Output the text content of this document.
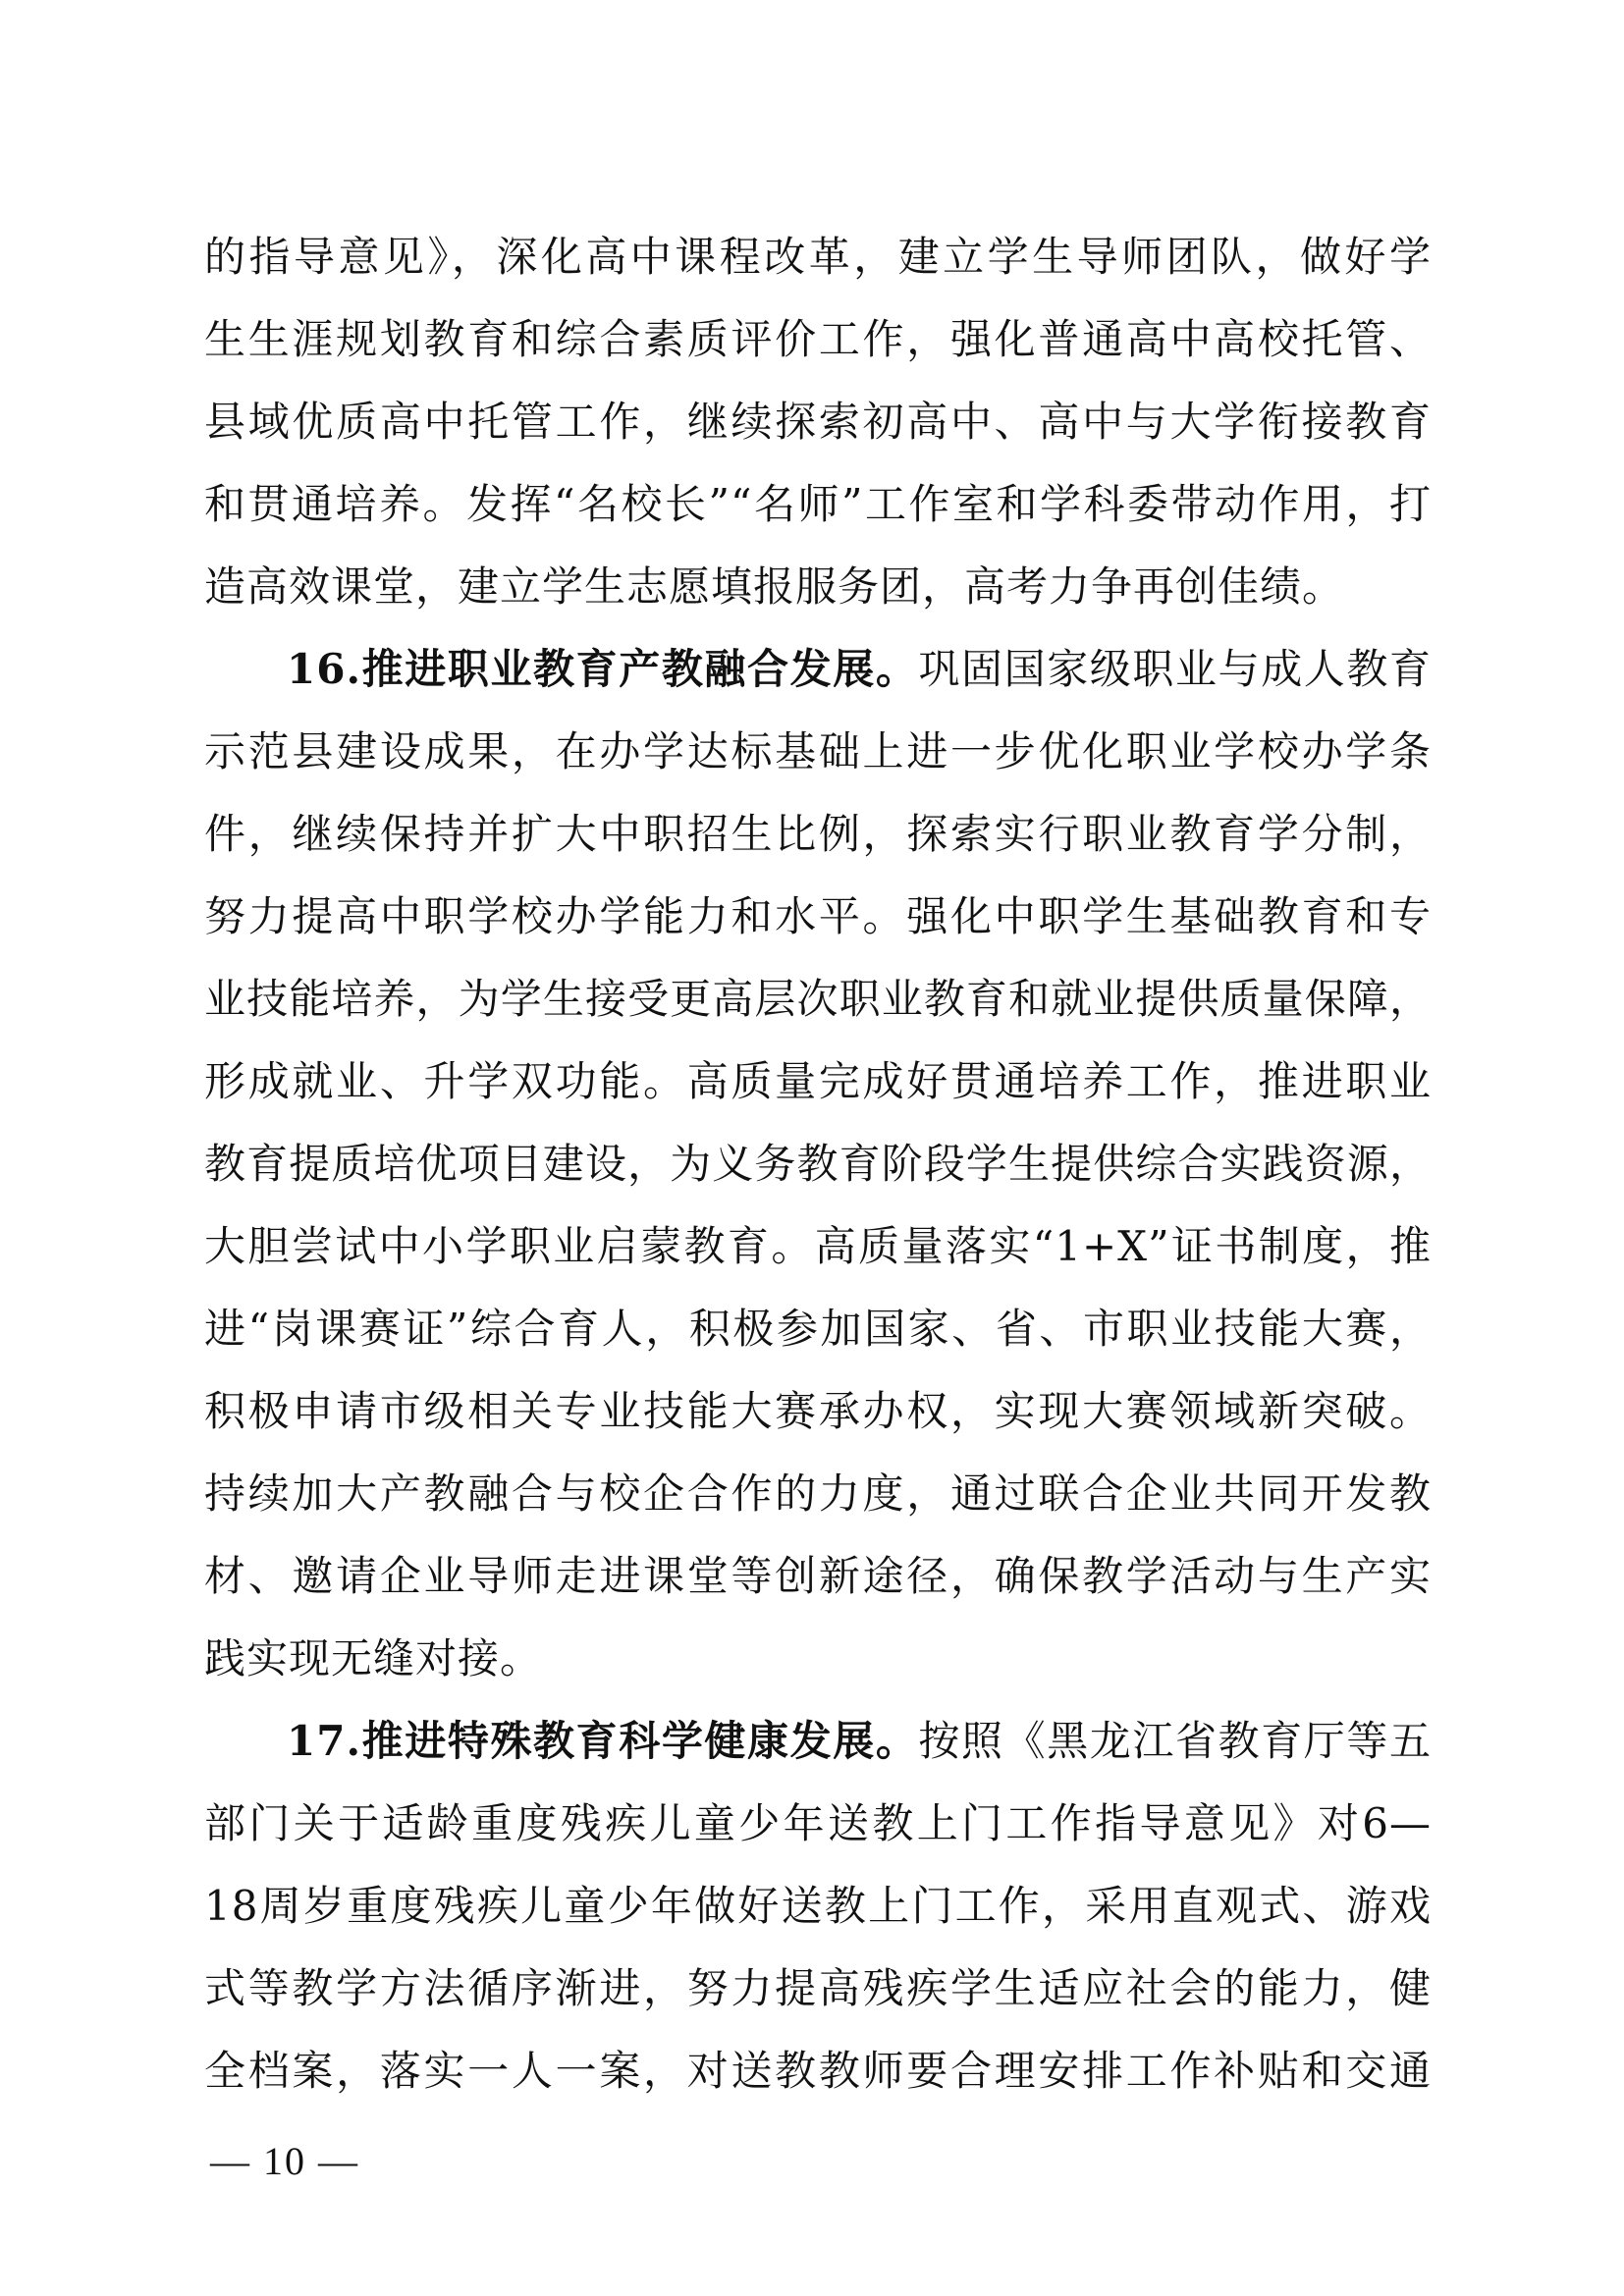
的指导意见》，深化高中课程改革，建立学生导师团队，做好学
生生涯规划教育和综合素质评价工作，强化普通高中高校托管、
县域优质高中托管工作，继续探索初高中、高中与大学衔接教育
和贯通培养。发挥“名校长”“名师”工作室和学科委带动作用，打
造高效课堂，建立学生志愿填报服务团，高考力争再创佳绩。
16.推进职业教育产教融合发展。巩固国家级职业与成人教育
示范县建设成果，在办学达标基础上进一步优化职业学校办学条
件，继续保持并扩大中职招生比例，探索实行职业教育学分制，
努力提高中职学校办学能力和水平。强化中职学生基础教育和专
业技能培养，为学生接受更高层次职业教育和就业提供质量保障，
形成就业、升学双功能。高质量完成好贯通培养工作，推进职业
教育提质培优项目建设，为义务教育阶段学生提供综合实践资源，
大胆尝试中小学职业启蒙教育。高质量落实“1+X”证书制度，推
进“岗课赛证”综合育人，积极参加国家、省、市职业技能大赛，
积极申请市级相关专业技能大赛承办权，实现大赛领域新突破。
持续加大产教融合与校企合作的力度，通过联合企业共同开发教
材、邀请企业导师走进课堂等创新途径，确保教学活动与生产实
践实现无缝对接。
17.推进特殊教育科学健康发展。按照《黑龙江省教育厅等五
部门关于适龄重度残疾儿童少年送教上门工作指导意见》对6—
18周岁重度残疾儿童少年做好送教上门工作，采用直观式、游戏
式等教学方法循序渐进，努力提高残疾学生适应社会的能力，健
全档案，落实一人一案，对送教教师要合理安排工作补贴和交通
— 10 —
